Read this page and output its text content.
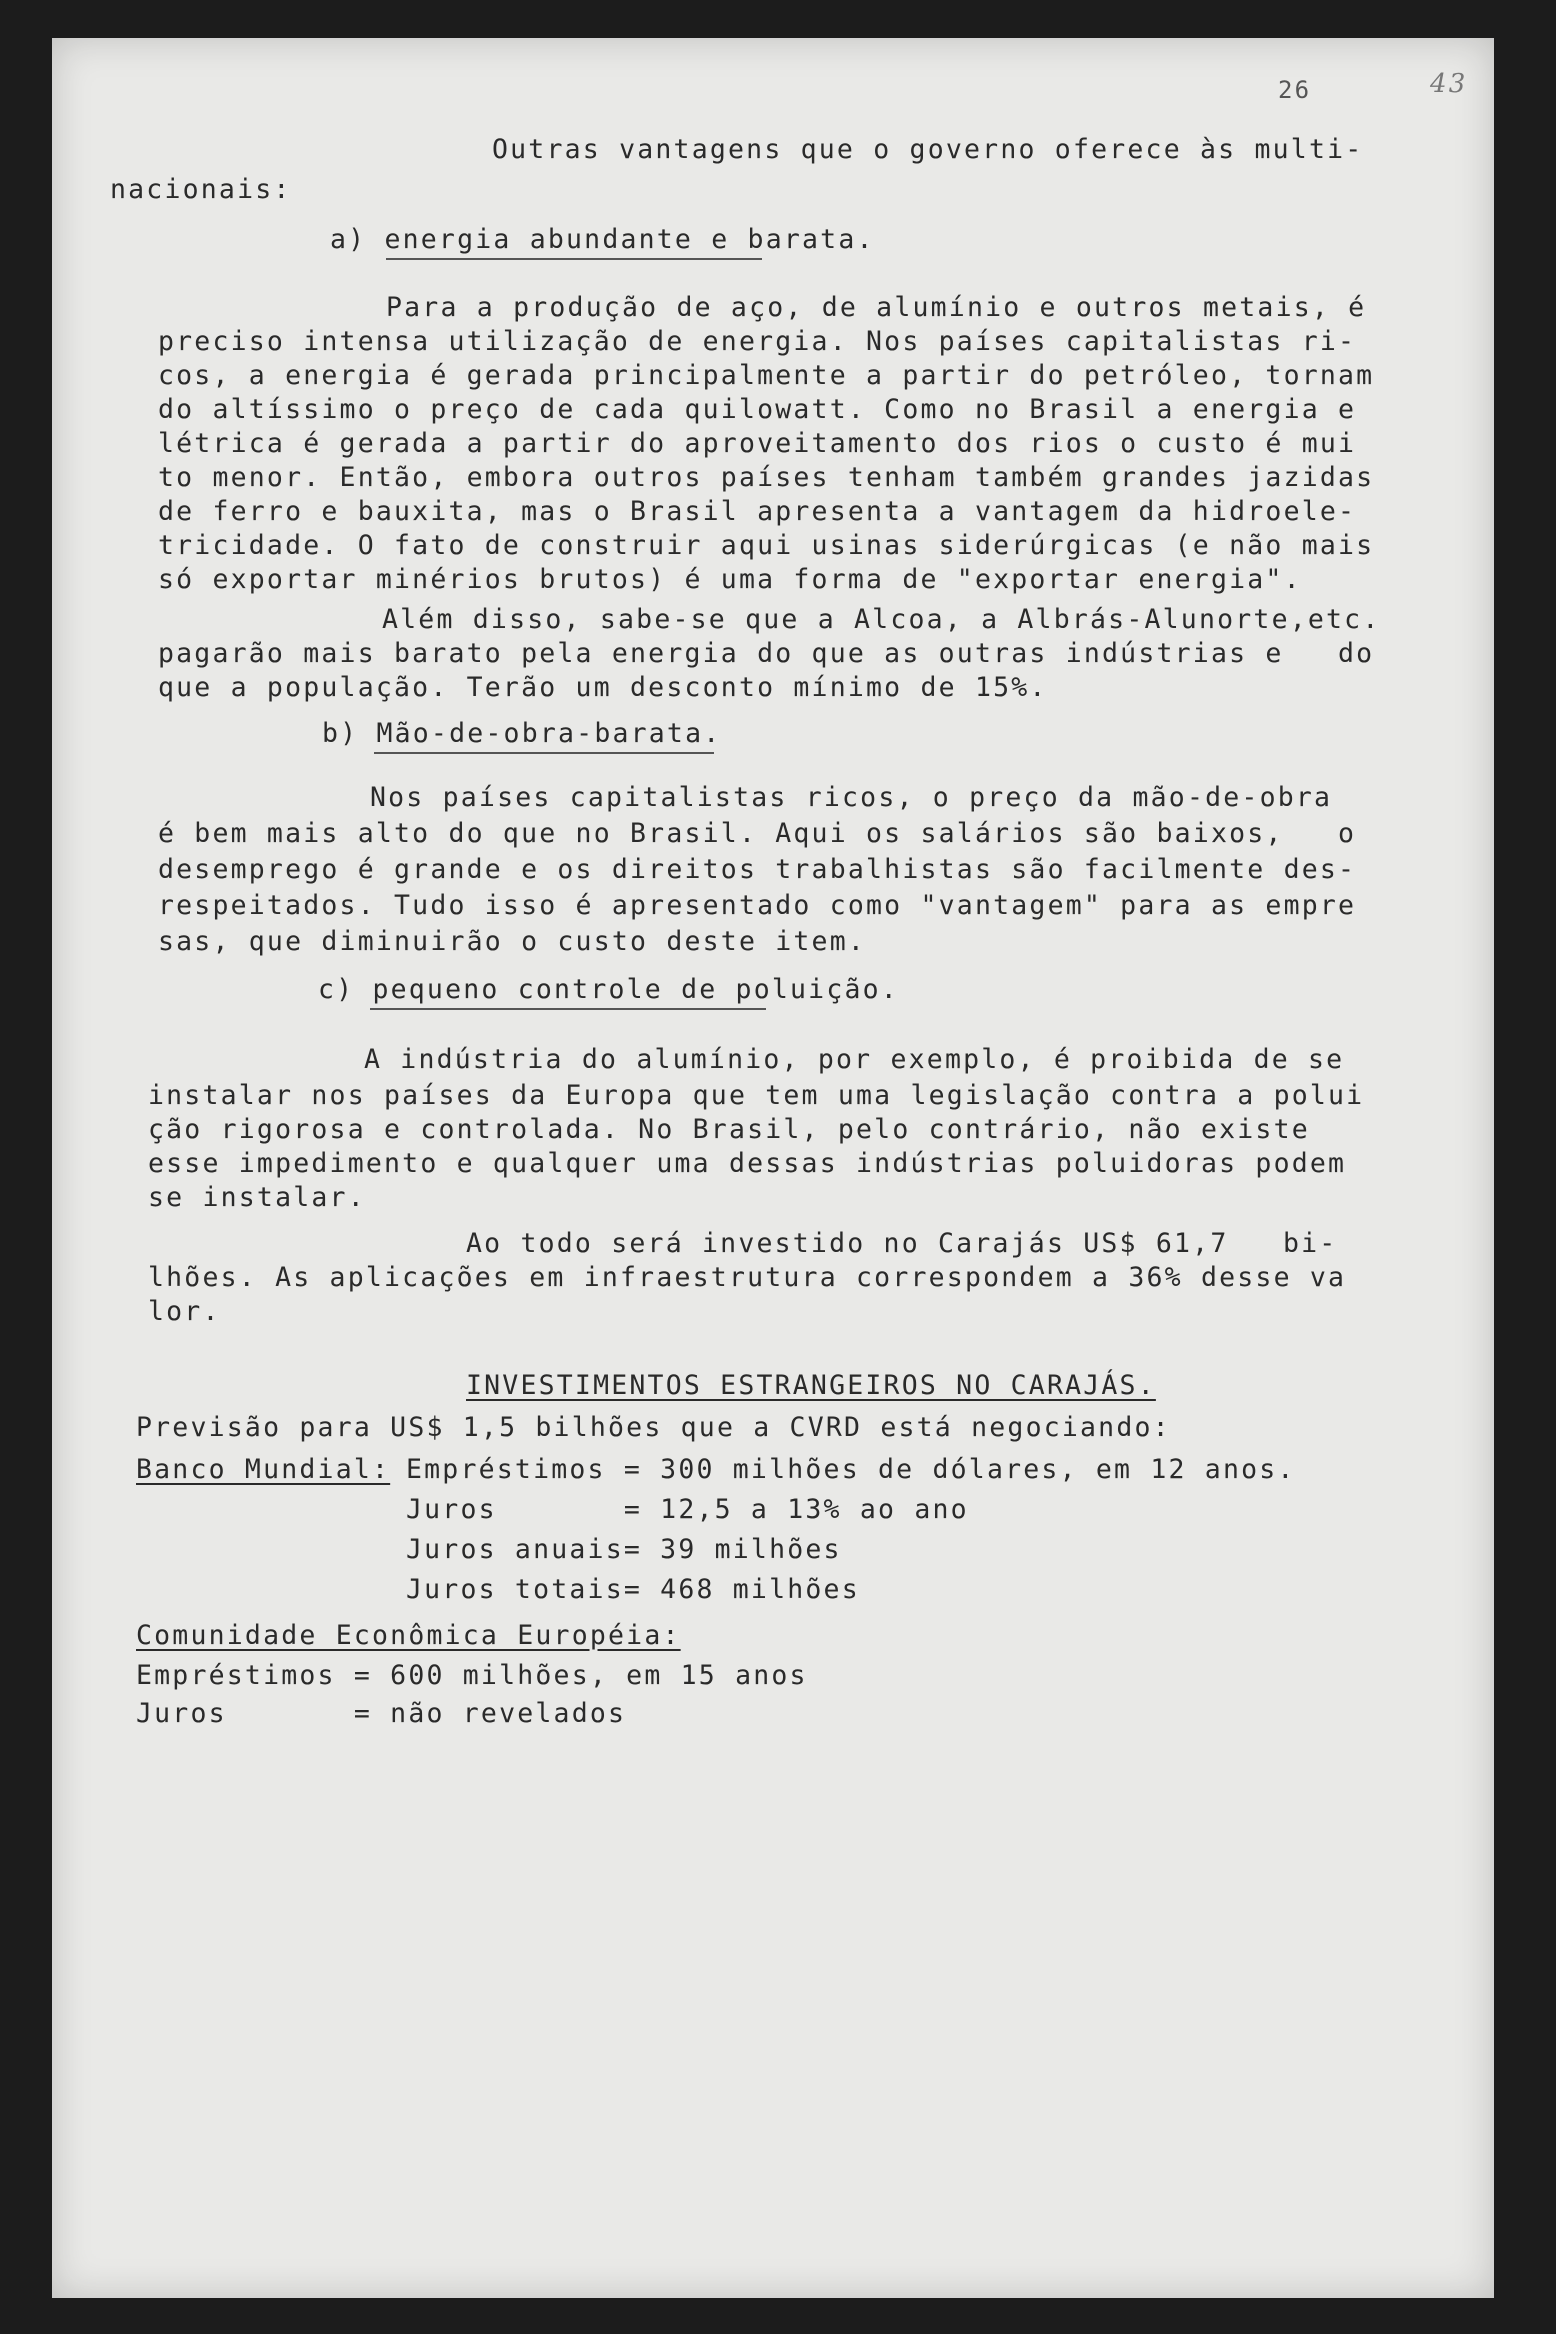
26	43
Outras vantagens que o governo oferece às multi-
nacionais:
a) energia abundante e barata.
Para a produção de aço, de alumínio e outros metais, é
preciso intensa utilização de energia. Nos países capitalistas ri-
cos, a energia é gerada principalmente a partir do petróleo, tornam
do altíssimo o preço de cada quilowatt. Como no Brasil a energia e
létrica é gerada a partir do aproveitamento dos rios o custo é mui
to menor. Então, embora outros países tenham também grandes jazidas
de ferro e bauxita, mas o Brasil apresenta a vantagem da hidroele-
tricidade. O fato de construir aqui usinas siderúrgicas (e não mais
só exportar minérios brutos) é uma forma de "exportar energia".
Além disso, sabe-se que a Alcoa, a Albrás-Alunorte,etc.
pagarão mais barato pela energia do que as outras indústrias e   do
que a população. Terão um desconto mínimo de 15%.
b) Mão-de-obra-barata.
Nos países capitalistas ricos, o preço da mão-de-obra
é bem mais alto do que no Brasil. Aqui os salários são baixos,   o
desemprego é grande e os direitos trabalhistas são facilmente des-
respeitados. Tudo isso é apresentado como "vantagem" para as empre
sas, que diminuirão o custo deste item.
c) pequeno controle de poluição.
A indústria do alumínio, por exemplo, é proibida de se
instalar nos países da Europa que tem uma legislação contra a polui
ção rigorosa e controlada. No Brasil, pelo contrário, não existe
esse impedimento e qualquer uma dessas indústrias poluidoras podem
se instalar.
Ao todo será investido no Carajás US$ 61,7   bi-
lhões. As aplicações em infraestrutura correspondem a 36% desse va
lor.
INVESTIMENTOS ESTRANGEIROS NO CARAJÁS.
Previsão para US$ 1,5 bilhões que a CVRD está negociando:
Banco Mundial: Empréstimos = 300 milhões de dólares, em 12 anos.
Juros       = 12,5 a 13% ao ano
Juros anuais= 39 milhões
Juros totais= 468 milhões
Comunidade Econômica Européia:
Empréstimos = 600 milhões, em 15 anos
Juros       = não revelados
